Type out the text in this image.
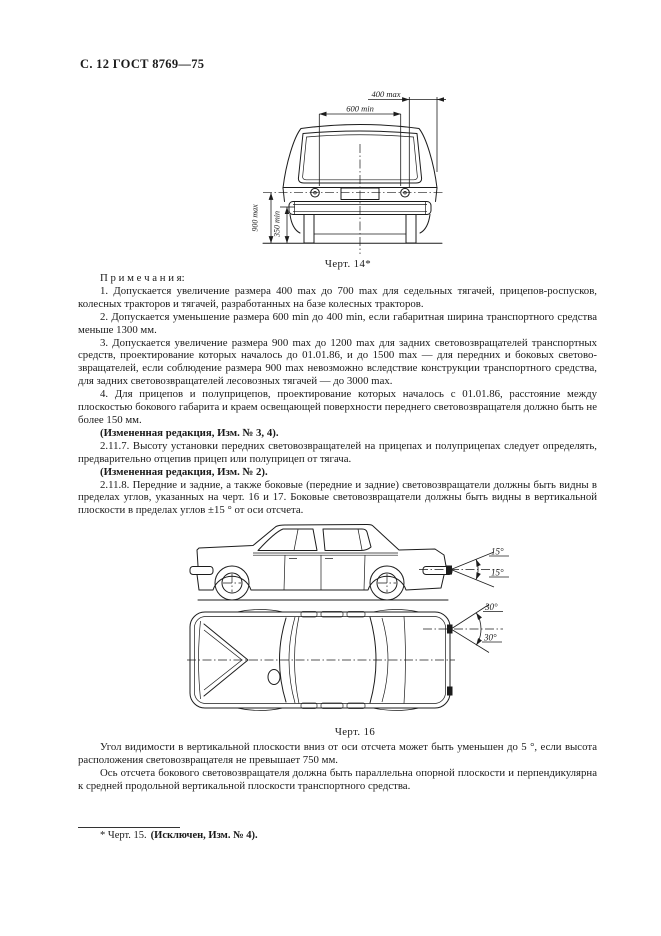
С. 12 ГОСТ 8769—75
400 max
600 min
900 max 350 min
Черт. 14*
П р и м е ч а н и я:

1. Допускается увеличение размера 400 max до 700 max для седельных тягачей, прицепов-роспусков, колесных тракторов и тягачей, разработанных на базе колесных тракторов.

2. Допускается уменьшение размера 600 min до 400 min, если габаритная ширина транспортного средства меньше 1300 мм.

3. Допускается увеличение размера 900 max до 1200 max для задних световозвращателей транспортных средств, проектирование которых началось до 01.01.86, и до 1500 max — для передних и боковых световозвращателей, если соблюдение размера 900 max невозможно вследствие конструкции транспортного средства, для задних световозвращателей лесовозных тягачей — до 3000 max.

4. Для прицепов и полуприцепов, проектирование которых началось с 01.01.86, расстояние между плоскостью бокового габарита и краем освещающей поверхности переднего световозвращателя должно быть не более 150 мм.

(Измененная редакция, Изм. № 3, 4).

2.11.7. Высоту установки передних световозвращателей на прицепах и полуприцепах следует определять, предварительно отцепив прицеп или полуприцеп от тягача.

(Измененная редакция, Изм. № 2).

2.11.8. Передние и задние, а также боковые (передние и задние) световозвращатели должны быть видны в пределах углов, указанных на черт. 16 и 17. Боковые световозвращатели должны быть видны в вертикальной плоскости в пределах углов ±15 ° от оси отсчета.

15°
15°
30°
30°
Черт. 16

Угол видимости в вертикальной плоскости вниз от оси отсчета может быть уменьшен до 5 °, если высота расположения световозвращателя не превышает 750 мм.

Ось отсчета бокового световозвращателя должна быть параллельна опорной плоскости и перпендикулярна к средней продольной вертикальной плоскости транспортного средства.

* Черт. 15. (Исключен, Изм. № 4).
